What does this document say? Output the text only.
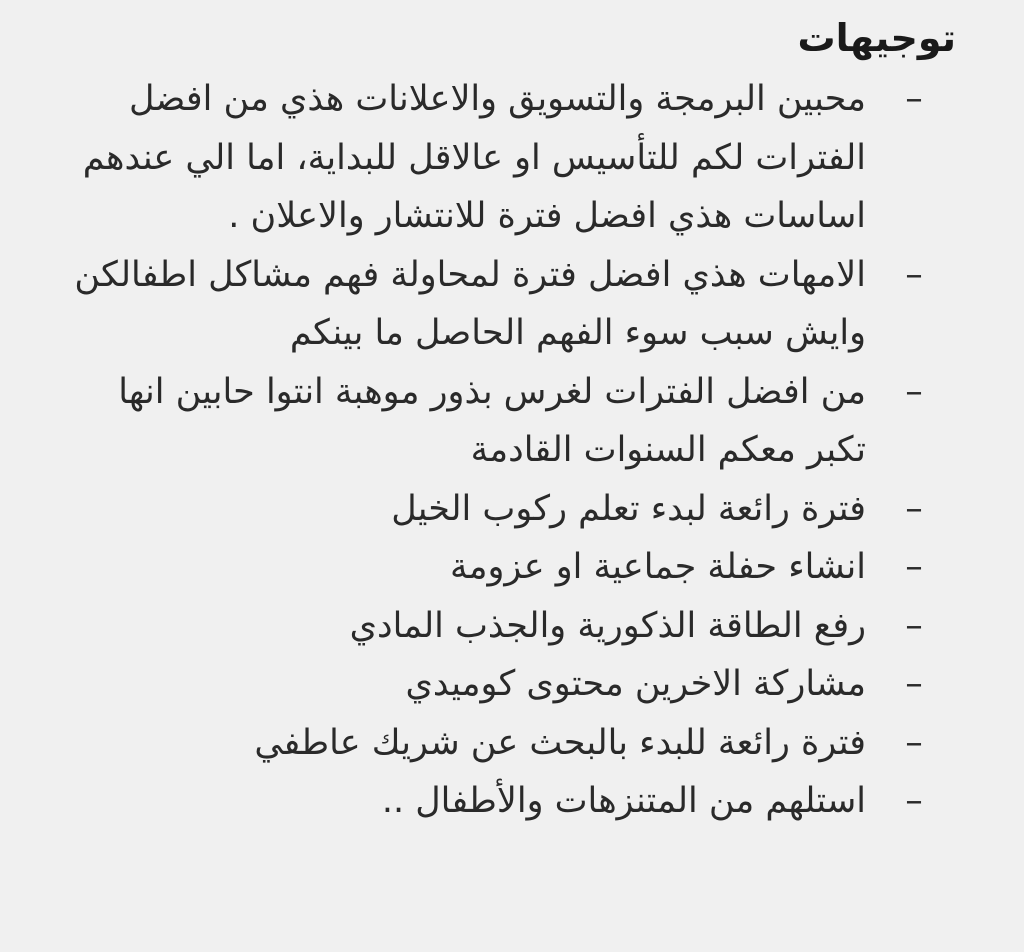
توجيهات
–
محبين البرمجة والتسويق والاعلانات هذي من افضل الفترات لكم للتأسيس او عالاقل للبداية، اما الي عندهم اساسات هذي افضل فترة للانتشار والاعلان .
–
الامهات هذي افضل فترة لمحاولة فهم مشاكل اطفالكن وايش سبب سوء الفهم الحاصل ما بينكم
–
من افضل الفترات لغرس بذور موهبة انتوا حابين انها تكبر معكم السنوات القادمة
–
فترة رائعة لبدء تعلم ركوب الخيل
–
انشاء حفلة جماعية او عزومة
–
رفع الطاقة الذكورية والجذب المادي
–
مشاركة الاخرين محتوى كوميدي
–
فترة رائعة للبدء بالبحث عن شريك عاطفي
–
استلهم من المتنزهات والأطفال ..
